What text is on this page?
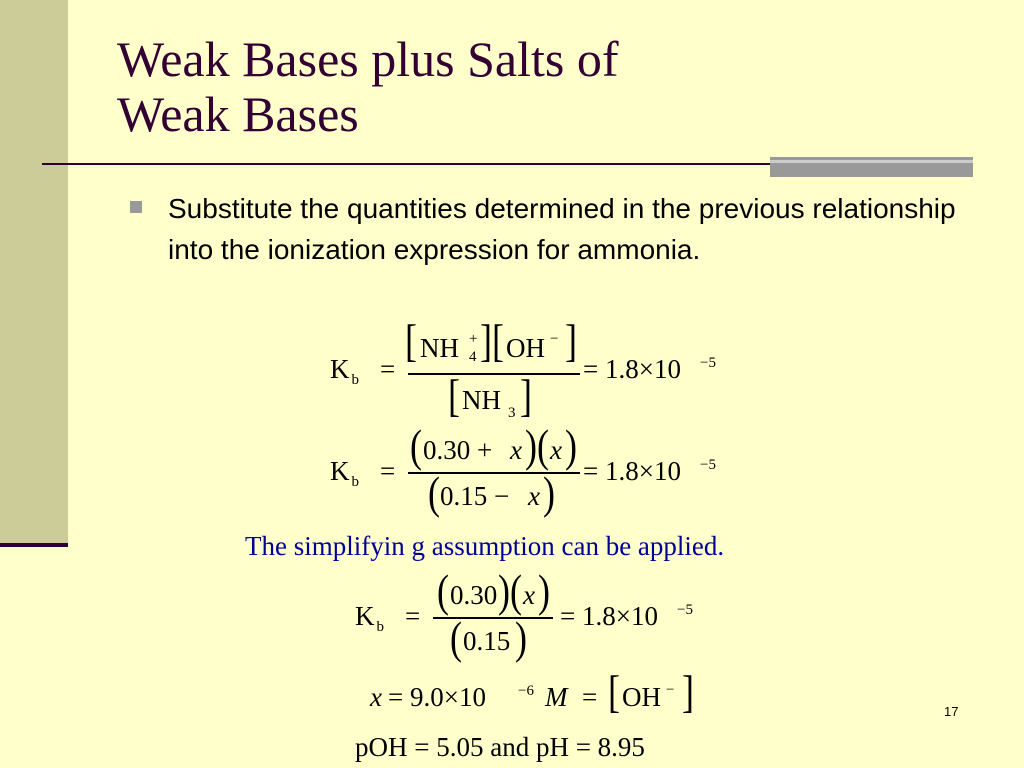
Weak Bases plus Salts of
Weak Bases
Substitute the quantities determined in the previous relationship into the ionization expression for ammonia.
K $_b$ =
[ NH +
4 ] [ OH − ]
[ NH 3 ]
= 1.8×10 −5
K $_b$ = ( 0.30 + x ) ( x )
( 0.15 − x ) = 1.8×10 −5
The simplifyin g assumption can be applied.
K $_b$ = ( 0.30 ) ( x )
( 0.15 ) = 1.8×10 −5
x = 9.0×10 −6 M = [ OH − ]
pOH = 5.05 and pH = 8.95
17
